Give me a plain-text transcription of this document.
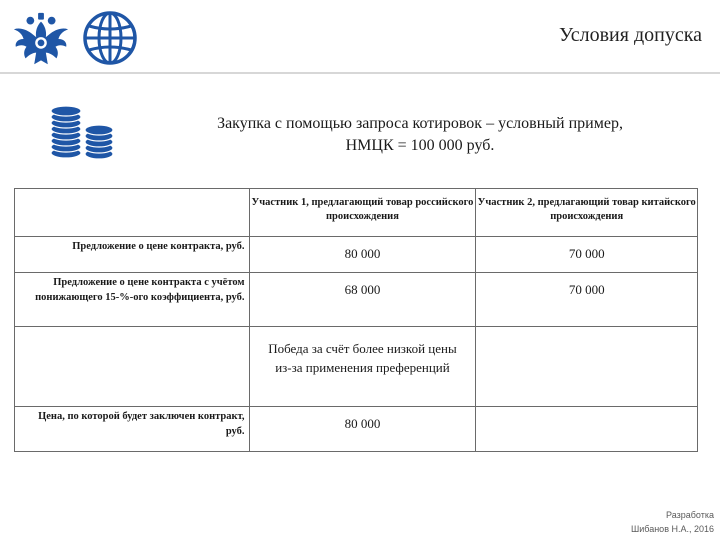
Условия допуска
Закупка с помощью запроса котировок – условный пример,
НМЦК = 100 000 руб.
	Участник 1, предлагающий товар российского происхождения	Участник 2, предлагающий товар китайского происхождения
Предложение о цене контракта, руб.	80 000	70 000
Предложение о цене контракта с учётом понижающего 15-%-ого коэффициента, руб.	68 000	70 000
	Победа за счёт более низкой цены из-за применения преференций	
Цена, по которой будет заключен контракт, руб.	80 000	
Разработка
Шибанов Н.А., 2016
